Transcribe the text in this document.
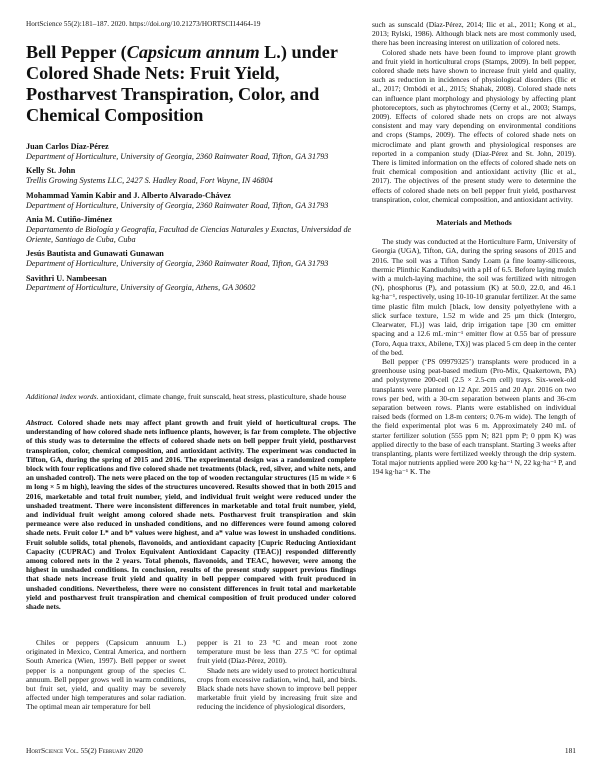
HortScience 55(2):181–187. 2020. https://doi.org/10.21273/HORTSCI14464-19
Bell Pepper (Capsicum annum L.) under Colored Shade Nets: Fruit Yield, Postharvest Transpiration, Color, and Chemical Composition
Juan Carlos Díaz-Pérez
Department of Horticulture, University of Georgia, 2360 Rainwater Road, Tifton, GA 31793
Kelly St. John
Trellis Growing Systems LLC, 2427 S. Hadley Road, Fort Wayne, IN 46804
Mohammad Yamin Kabir and J. Alberto Alvarado-Chávez
Department of Horticulture, University of Georgia, 2360 Rainwater Road, Tifton, GA 31793
Ania M. Cutiño-Jiménez
Departamento de Biología y Geografía, Facultad de Ciencias Naturales y Exactas, Universidad de Oriente, Santiago de Cuba, Cuba
Jesús Bautista and Gunawati Gunawan
Department of Horticulture, University of Georgia, 2360 Rainwater Road, Tifton, GA 31793
Savithri U. Nambeesan
Department of Horticulture, University of Georgia, Athens, GA 30602
Additional index words. antioxidant, climate change, fruit sunscald, heat stress, plasticulture, shade house
Abstract. Colored shade nets may affect plant growth and fruit yield of horticultural crops. The understanding of how colored shade nets influence plants, however, is far from complete. The objective of this study was to determine the effects of colored shade nets on bell pepper fruit yield, postharvest transpiration, color, chemical composition, and antioxidant activity. The experiment was conducted in Tifton, GA, during the spring of 2015 and 2016. The experimental design was a randomized complete block with four replications and five colored shade net treatments (black, red, silver, and white nets, and an unshaded control). The nets were placed on the top of wooden rectangular structures (15 m wide × 6 m long × 5 m high), leaving the sides of the structures uncovered. Results showed that in both 2015 and 2016, marketable and total fruit number, yield, and individual fruit weight were reduced under the unshaded treatment. There were inconsistent differences in marketable and total fruit number, yield, and individual fruit weight among colored shade nets. Postharvest fruit transpiration and skin permeance were also reduced in unshaded conditions, and no differences were found among colored shade nets. Fruit color L* and b* values were highest, and a* value was lowest in unshaded conditions. Fruit soluble solids, total phenols, flavonoids, and antioxidant capacity [Cupric Reducing Antioxidant Capacity (CUPRAC) and Trolox Equivalent Antioxidant Capacity (TEAC)] responded differently among colored nets in the 2 years. Total phenols, flavonoids, and TEAC, however, were among the highest in unshaded conditions. In conclusion, results of the present study support previous findings that shade nets increase fruit yield and quality in bell pepper compared with fruit produced in unshaded conditions. Nevertheless, there were no consistent differences in fruit total and marketable yield and postharvest fruit transpiration and chemical composition of fruit produced under colored shade nets.

Chiles or peppers (Capsicum annuum L.) originated in Mexico, Central America, and northern South America (Wien, 1997). Bell pepper or sweet pepper is a nonpungent group of the species C. annuum. Bell pepper grows well in warm conditions, but fruit set, yield, and quality may be severely affected under high temperatures and solar radiation. The optimal mean air temperature for bell

pepper is 21 to 23 °C and mean root zone temperature must be less than 27.5 °C for optimal fruit yield (Díaz-Pérez, 2010).

Shade nets are widely used to protect horticultural crops from excessive radiation, wind, hail, and birds. Black shade nets have shown to improve bell pepper marketable fruit yield by increasing fruit size and reducing the incidence of physiological disorders,

such as sunscald (Díaz-Pérez, 2014; Ilic et al., 2011; Kong et al., 2013; Rylski, 1986). Although black nets are most commonly used, there has been increasing interest on utilization of colored nets.

Colored shade nets have been found to improve plant growth and fruit yield in horticultural crops (Stamps, 2009). In bell pepper, colored shade nets have shown to increase fruit yield and quality, such as reduction in incidences of physiological disorders (Ilic et al., 2017; Ombódi et al., 2015; Shahak, 2008). Colored shade nets can influence plant morphology and physiology by affecting plant photoreceptors, such as phytochromes (Cerny et al., 2003; Stamps, 2009). Effects of colored shade nets on crops are not always consistent and may vary depending on environmental conditions and crops (Stamps, 2009). The effects of colored shade nets on microclimate and plant growth and physiological responses are reported in a companion study (Díaz-Pérez and St. John, 2019). There is limited information on the effects of colored shade nets on fruit chemical composition and antioxidant activity (Ilic et al., 2017). The objectives of the present study were to determine the effects of colored shade nets on bell pepper fruit yield, postharvest transpiration, color, chemical composition, and antioxidant activity.

Materials and Methods

The study was conducted at the Horticulture Farm, University of Georgia (UGA), Tifton, GA, during the spring seasons of 2015 and 2016. The soil was a Tifton Sandy Loam (a fine loamy-siliceous, thermic Plinthic Kandiudults) with a pH of 6.5. Before laying mulch with a mulch-laying machine, the soil was fertilized with nitrogen (N), phosphorus (P), and potassium (K) at 50.0, 22.0, and 46.1 kg·ha⁻¹, respectively, using 10-10-10 granular fertilizer. At the same time plastic film mulch [black, low density polyethylene with a slick surface texture, 1.52 m wide and 25 µm thick (Intergro, Clearwater, FL)] was laid, drip irrigation tape [30 cm emitter spacing and a 12.6 mL·min⁻¹ emitter flow at 0.55 bar of pressure (Toro, Aqua traxx, Abilene, TX)] was placed 5 cm deep in the center of the bed.

Bell pepper (‘PS 09979325’) transplants were produced in a greenhouse using peat-based medium (Pro-Mix, Quakertown, PA) and polystyrene 200-cell (2.5 × 2.5-cm cell) trays. Six-week-old transplants were planted on 12 Apr. 2015 and 20 Apr. 2016 on two rows per bed, with a 30-cm separation between plants and 36-cm separation between rows. Plants were established on individual raised beds (formed on 1.8-m centers; 0.76-m wide). The length of the field experimental plot was 6 m. Approximately 240 mL of starter fertilizer solution (555 ppm N; 821 ppm P; 0 ppm K) was applied directly to the base of each transplant. Starting 3 weeks after transplanting, plants were fertilized weekly through the drip system. Total major nutrients applied were 200 kg·ha⁻¹ N, 22 kg·ha⁻¹ P, and 194 kg·ha⁻¹ K. The

HortScience Vol. 55(2) February 2020	181
